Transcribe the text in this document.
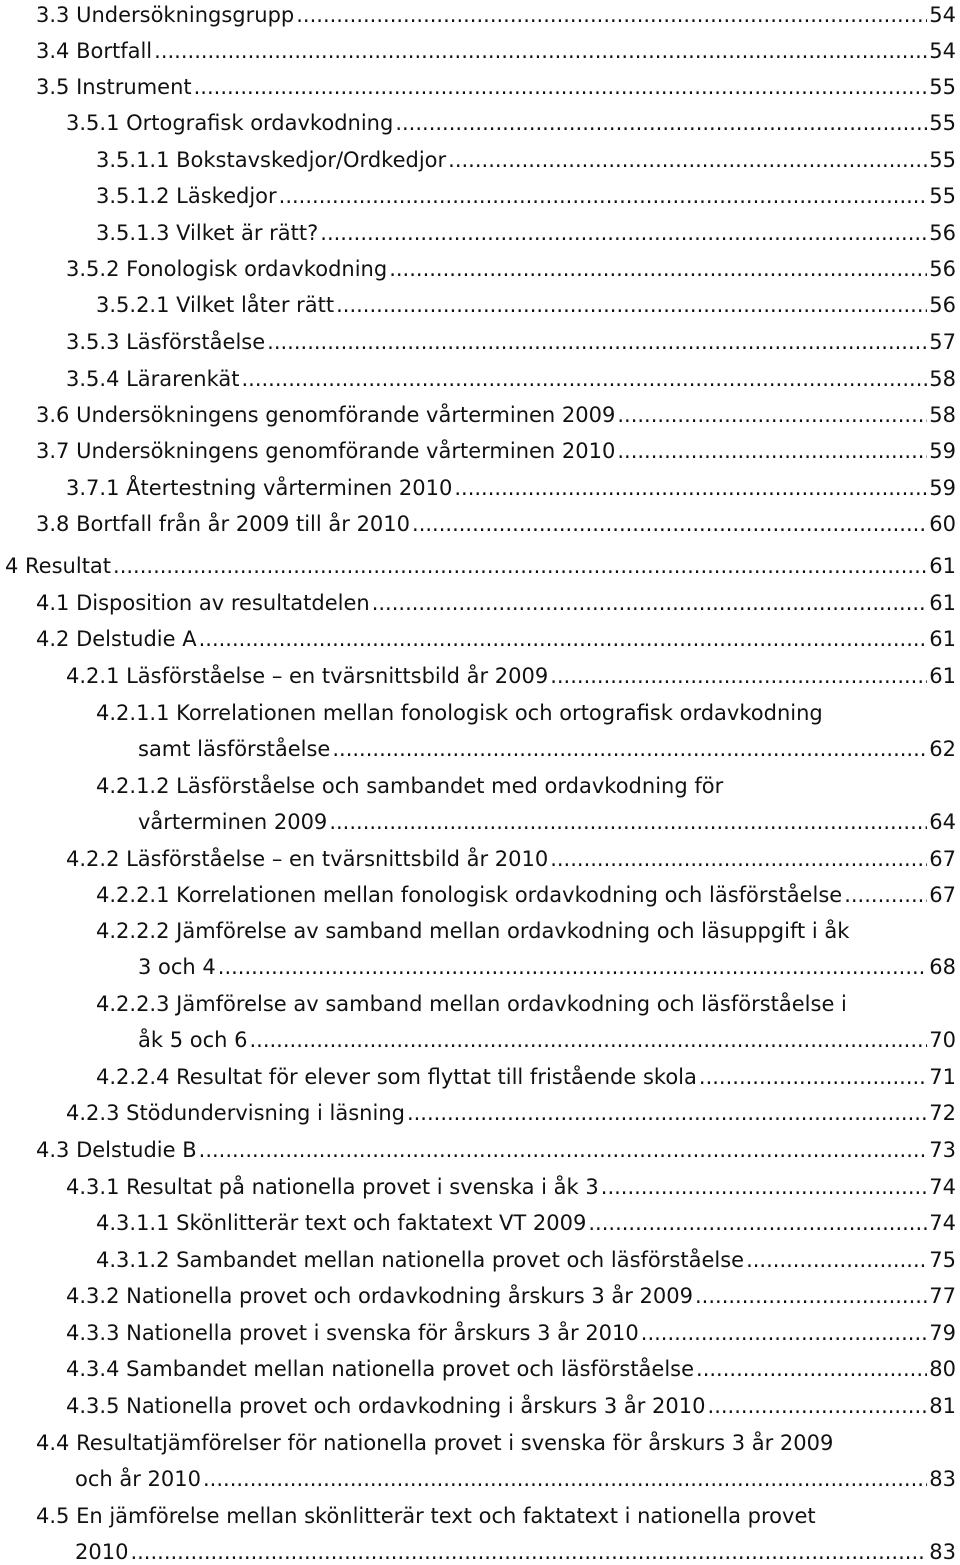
3.3 Undersökningsgrupp .....	54
3.4 Bortfall .....	54
3.5 Instrument .....	55
3.5.1 Ortografisk ordavkodning .....	55
3.5.1.1 Bokstavskedjor/Ordkedjor .....	55
3.5.1.2 Läskedjor .....	55
3.5.1.3 Vilket är rätt? .....	56
3.5.2 Fonologisk ordavkodning .....	56
3.5.2.1 Vilket låter rätt .....	56
3.5.3 Läsförståelse .....	57
3.5.4 Lärarenkät .....	58
3.6 Undersökningens genomförande vårterminen 2009 .....	58
3.7 Undersökningens genomförande vårterminen 2010 .....	59
3.7.1 Återtestning vårterminen 2010 .....	59
3.8 Bortfall från år 2009 till år 2010 .....	60
4 Resultat .....	61
4.1 Disposition av resultatdelen .....	61
4.2 Delstudie A .....	61
4.2.1 Läsförståelse – en tvärsnittsbild år 2009 .....	61
4.2.1.1 Korrelationen mellan fonologisk och ortografisk ordavkodning
samt läsförståelse .....	62
4.2.1.2 Läsförståelse och sambandet med ordavkodning för
vårterminen 2009 .....	64
4.2.2 Läsförståelse – en tvärsnittsbild år 2010 .....	67
4.2.2.1 Korrelationen mellan fonologisk ordavkodning och läsförståelse .....	67
4.2.2.2 Jämförelse av samband mellan ordavkodning och läsuppgift i åk
3 och 4 .....	68
4.2.2.3 Jämförelse av samband mellan ordavkodning och läsförståelse i
åk 5 och 6 .....	70
4.2.2.4 Resultat för elever som flyttat till fristående skola .....	71
4.2.3 Stödundervisning i läsning .....	72
4.3 Delstudie B .....	73
4.3.1 Resultat på nationella provet i svenska i åk 3 .....	74
4.3.1.1 Skönlitterär text och faktatext VT 2009 .....	74
4.3.1.2 Sambandet mellan nationella provet och läsförståelse .....	75
4.3.2 Nationella provet och ordavkodning årskurs 3 år 2009 .....	77
4.3.3 Nationella provet i svenska för årskurs 3 år 2010 .....	79
4.3.4 Sambandet mellan nationella provet och läsförståelse .....	80
4.3.5 Nationella provet och ordavkodning i årskurs 3 år 2010 .....	81
4.4 Resultatjämförelser för nationella provet i svenska för årskurs 3 år 2009
och år 2010 .....	83
4.5 En jämförelse mellan skönlitterär text och faktatext i nationella provet
2010 .....	83
